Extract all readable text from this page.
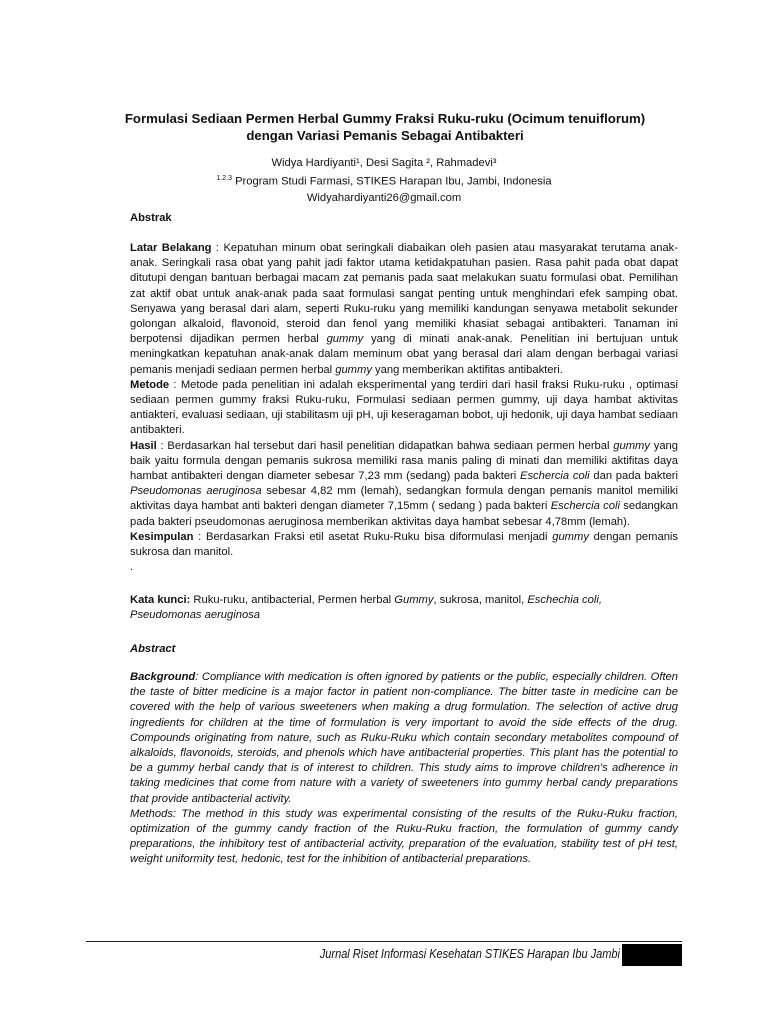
Formulasi Sediaan Permen Herbal Gummy Fraksi Ruku-ruku (Ocimum tenuiflorum)
dengan Variasi Pemanis Sebagai Antibakteri
Widya Hardiyanti¹, Desi Sagita ², Rahmadevi³
$^{1.2.3}$ Program Studi Farmasi, STIKES Harapan Ibu, Jambi, Indonesia
Widyahardiyanti26@gmail.com
Abstrak
Latar Belakang : Kepatuhan minum obat seringkali diabaikan oleh pasien atau masyarakat terutama anak-anak. Seringkali rasa obat yang pahit jadi faktor utama ketidakpatuhan pasien. Rasa pahit pada obat dapat ditutupi dengan bantuan berbagai macam zat pemanis pada saat melakukan suatu formulasi obat. Pemilihan zat aktif obat untuk anak-anak pada saat formulasi sangat penting untuk menghindari efek samping obat. Senyawa yang berasal dari alam, seperti Ruku-ruku yang memiliki kandungan senyawa metabolit sekunder golongan alkaloid, flavonoid, steroid dan fenol yang memiliki khasiat sebagai antibakteri. Tanaman ini berpotensi dijadikan permen herbal gummy yang di minati anak-anak. Penelitian ini bertujuan untuk meningkatkan kepatuhan anak-anak dalam meminum obat yang berasal dari alam dengan berbagai variasi pemanis menjadi sediaan permen herbal gummy yang memberikan aktifitas antibakteri.
Metode : Metode pada penelitian ini adalah eksperimental yang terdiri dari hasil fraksi Ruku-ruku , optimasi sediaan permen gummy fraksi Ruku-ruku, Formulasi sediaan permen gummy, uji daya hambat aktivitas antiakteri, evaluasi sediaan, uji stabilitasm uji pH, uji keseragaman bobot, uji hedonik, uji daya hambat sediaan antibakteri.
Hasil : Berdasarkan hal tersebut dari hasil penelitian didapatkan bahwa sediaan permen herbal gummy yang baik yaitu formula dengan pemanis sukrosa memiliki rasa manis paling di minati dan memiliki aktifitas daya hambat antibakteri dengan diameter sebesar 7,23 mm (sedang) pada bakteri Eschercia coli dan pada bakteri Pseudomonas aeruginosa sebesar 4,82 mm (lemah), sedangkan formula dengan pemanis manitol memiliki aktivitas daya hambat anti bakteri dengan diameter 7,15mm ( sedang ) pada bakteri Eschercia coli sedangkan pada bakteri pseudomonas aeruginosa memberikan aktivitas daya hambat sebesar 4,78mm (lemah).
Kesimpulan : Berdasarkan Fraksi etil asetat Ruku-Ruku bisa diformulasi menjadi gummy dengan pemanis sukrosa dan manitol.
.
Kata kunci: Ruku-ruku, antibacterial, Permen herbal Gummy, sukrosa, manitol, Eschechia coli,
Pseudomonas aeruginosa
Abstract
Background: Compliance with medication is often ignored by patients or the public, especially children. Often the taste of bitter medicine is a major factor in patient non-compliance. The bitter taste in medicine can be covered with the help of various sweeteners when making a drug formulation. The selection of active drug ingredients for children at the time of formulation is very important to avoid the side effects of the drug. Compounds originating from nature, such as Ruku-Ruku which contain secondary metabolites compound of alkaloids, flavonoids, steroids, and phenols which have antibacterial properties. This plant has the potential to be a gummy herbal candy that is of interest to children. This study aims to improve children's adherence in taking medicines that come from nature with a variety of sweeteners into gummy herbal candy preparations that provide antibacterial activity.
Methods: The method in this study was experimental consisting of the results of the Ruku-Ruku fraction, optimization of the gummy candy fraction of the Ruku-Ruku fraction, the formulation of gummy candy preparations, the inhibitory test of antibacterial activity, preparation of the evaluation, stability test of pH test, weight uniformity test, hedonic, test for the inhibition of antibacterial preparations.
Jurnal Riset Informasi Kesehatan STIKES Harapan Ibu Jambi
